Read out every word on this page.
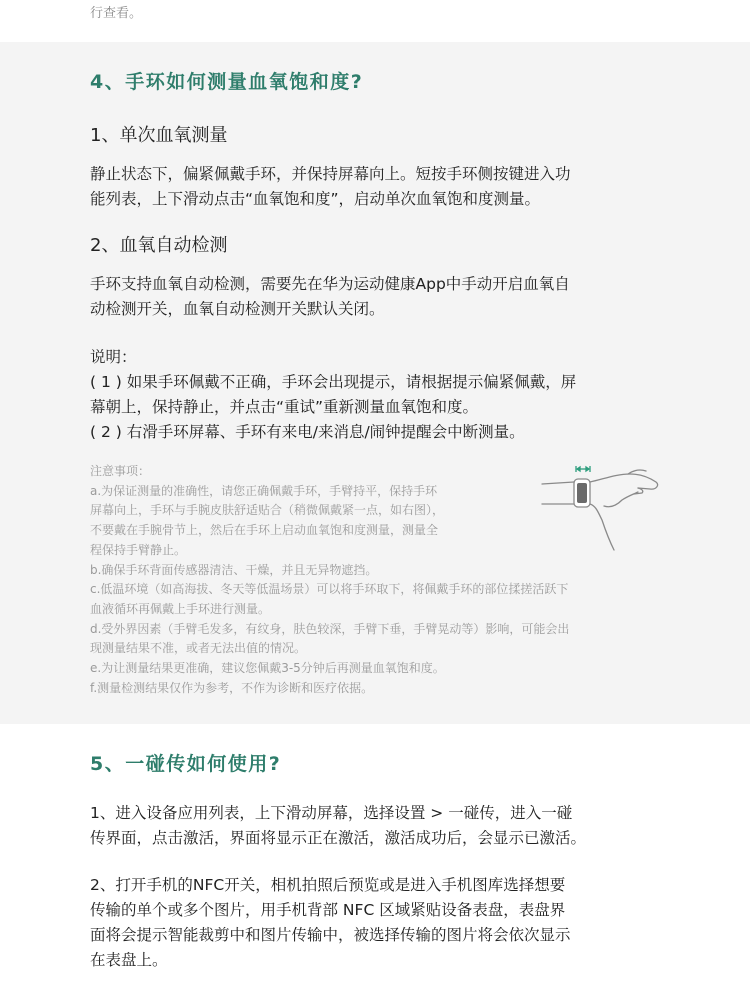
行查看。
4、手环如何测量血氧饱和度?
1、单次血氧测量
静止状态下，偏紧佩戴手环，并保持屏幕向上。短按手环侧按键进入功
能列表，上下滑动点击“血氧饱和度”，启动单次血氧饱和度测量。
2、血氧自动检测
手环支持血氧自动检测，需要先在华为运动健康App中手动开启血氧自
动检测开关，血氧自动检测开关默认关闭。
说明：
( 1 ) 如果手环佩戴不正确，手环会出现提示，请根据提示偏紧佩戴，屏
幕朝上，保持静止，并点击“重试”重新测量血氧饱和度。
( 2 ) 右滑手环屏幕、手环有来电/来消息/闹钟提醒会中断测量。
注意事项：
a.为保证测量的准确性，请您正确佩戴手环，手臂持平，保持手环
屏幕向上，手环与手腕皮肤舒适贴合（稍微佩戴紧一点，如右图），
不要戴在手腕骨节上，然后在手环上启动血氧饱和度测量，测量全
程保持手臂静止。
b.确保手环背面传感器清洁、干燥，并且无异物遮挡。
c.低温环境（如高海拔、冬天等低温场景）可以将手环取下，将佩戴手环的部位揉搓活跃下
血液循环再佩戴上手环进行测量。
d.受外界因素（手臂毛发多，有纹身，肤色较深，手臂下垂，手臂晃动等）影响，可能会出
现测量结果不准，或者无法出值的情况。
e.为让测量结果更准确，建议您佩戴3-5分钟后再测量血氧饱和度。
f.测量检测结果仅作为参考，不作为诊断和医疗依据。
5、一碰传如何使用?
1、进入设备应用列表，上下滑动屏幕，选择设置 > 一碰传，进入一碰
传界面，点击激活，界面将显示正在激活，激活成功后，会显示已激活。
2、打开手机的NFC开关，相机拍照后预览或是进入手机图库选择想要
传输的单个或多个图片，用手机背部 NFC 区域紧贴设备表盘，表盘界
面将会提示智能裁剪中和图片传输中，被选择传输的图片将会依次显示
在表盘上。
